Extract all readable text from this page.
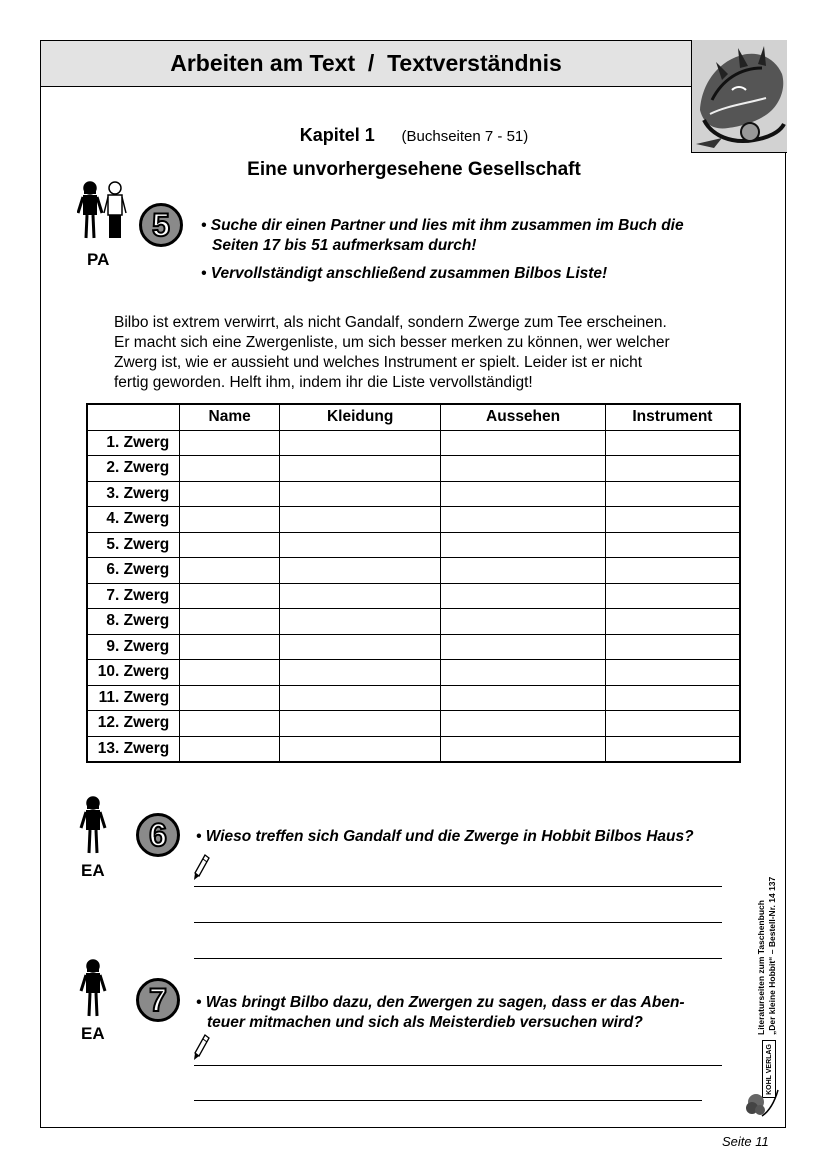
Arbeiten am Text  /  Textverständnis
Kapitel 1 (Buchseiten 7 - 51)
Eine unvorhergesehene Gesellschaft
PA
5 • Suche dir einen Partner und lies mit ihm zusammen im Buch die
Seiten 17 bis 51 aufmerksam durch!
• Vervollständigt anschließend zusammen Bilbos Liste!
Bilbo ist extrem verwirrt, als nicht Gandalf, sondern Zwerge zum Tee erscheinen.
Er macht sich eine Zwergenliste, um sich besser merken zu können, wer welcher
Zwerg ist, wie er aussieht und welches Instrument er spielt. Leider ist er nicht
fertig geworden. Helft ihm, indem ihr die Liste vervollständigt!
	Name	Kleidung	Aussehen	Instrument
1. Zwerg				
2. Zwerg				
3. Zwerg				
4. Zwerg				
5. Zwerg				
6. Zwerg				
7. Zwerg				
8. Zwerg				
9. Zwerg				
10. Zwerg				
11. Zwerg				
12. Zwerg				
13. Zwerg				
EA
6 • Wieso treffen sich Gandalf und die Zwerge in Hobbit Bilbos Haus?
EA
7 • Was bringt Bilbo dazu, den Zwergen zu sagen, dass er das Aben-
teuer mitmachen und sich als Meisterdieb versuchen wird?	Literaturseiten zum Taschenbuch „Der kleine Hobbit“ – Bestell-Nr. 14 137
KOHL VERLAG
Seite 11
